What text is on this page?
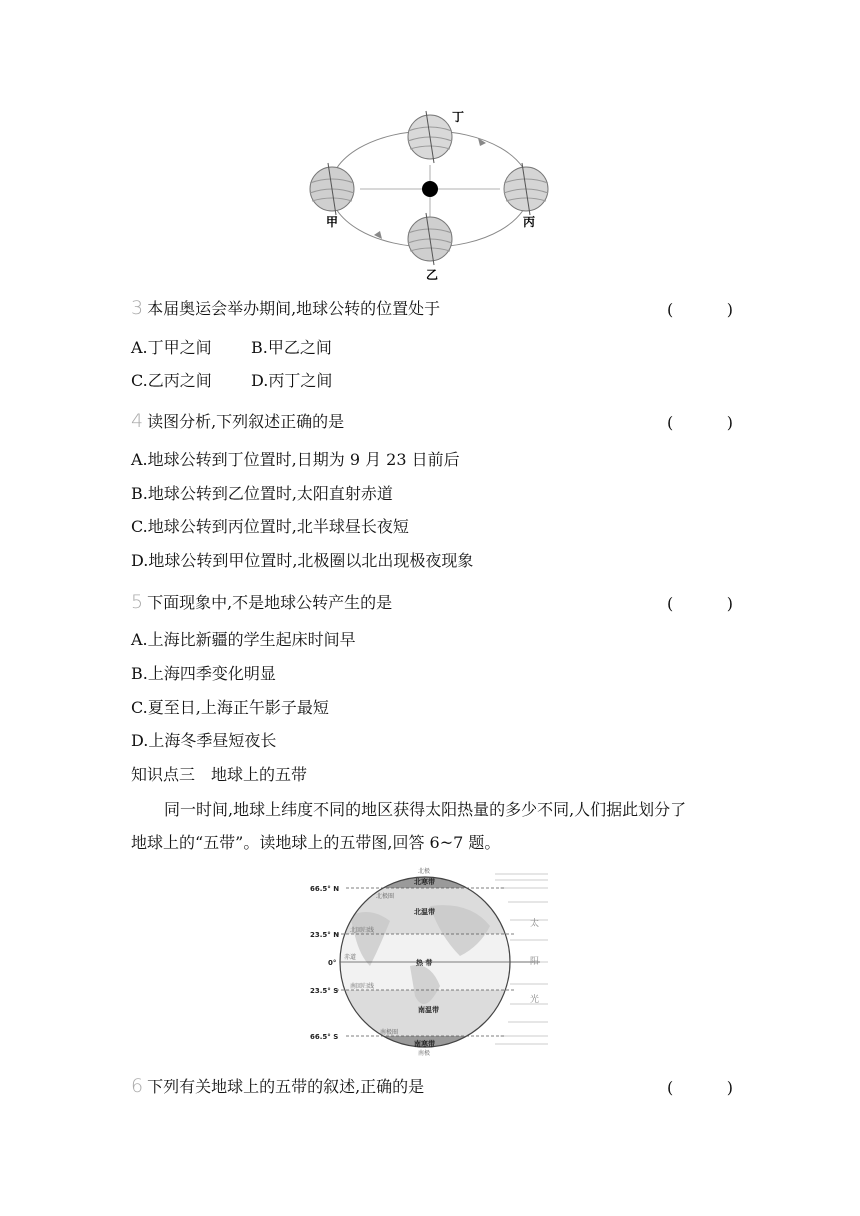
丁
甲	丙
乙
3 本届奥运会举办期间,地球公转的位置处于	(	)
A.丁甲之间 B.甲乙之间
C.乙丙之间 D.丙丁之间
4 读图分析,下列叙述正确的是	(	)
A.地球公转到丁位置时,日期为 9 月 23 日前后
B.地球公转到乙位置时,太阳直射赤道
C.地球公转到丙位置时,北半球昼长夜短
D.地球公转到甲位置时,北极圈以北出现极夜现象
5 下面现象中,不是地球公转产生的是	(	)
A.上海比新疆的学生起床时间早
B.上海四季变化明显
C.夏至日,上海正午影子最短
D.上海冬季昼短夜长
知识点三　地球上的五带
同一时间,地球上纬度不同的地区获得太阳热量的多少不同,人们据此划分了
地球上的“五带”。读地球上的五带图,回答 6~7 题。
66.5° N
23.5° N
0°
23.5° S
66.5° S
北极圈
北回归线
赤道
南回归线
南极圈
北极
南极
北寒带
北温带
热 带
南温带
南寒带
太
阳
光
6 下列有关地球上的五带的叙述,正确的是	(	)
